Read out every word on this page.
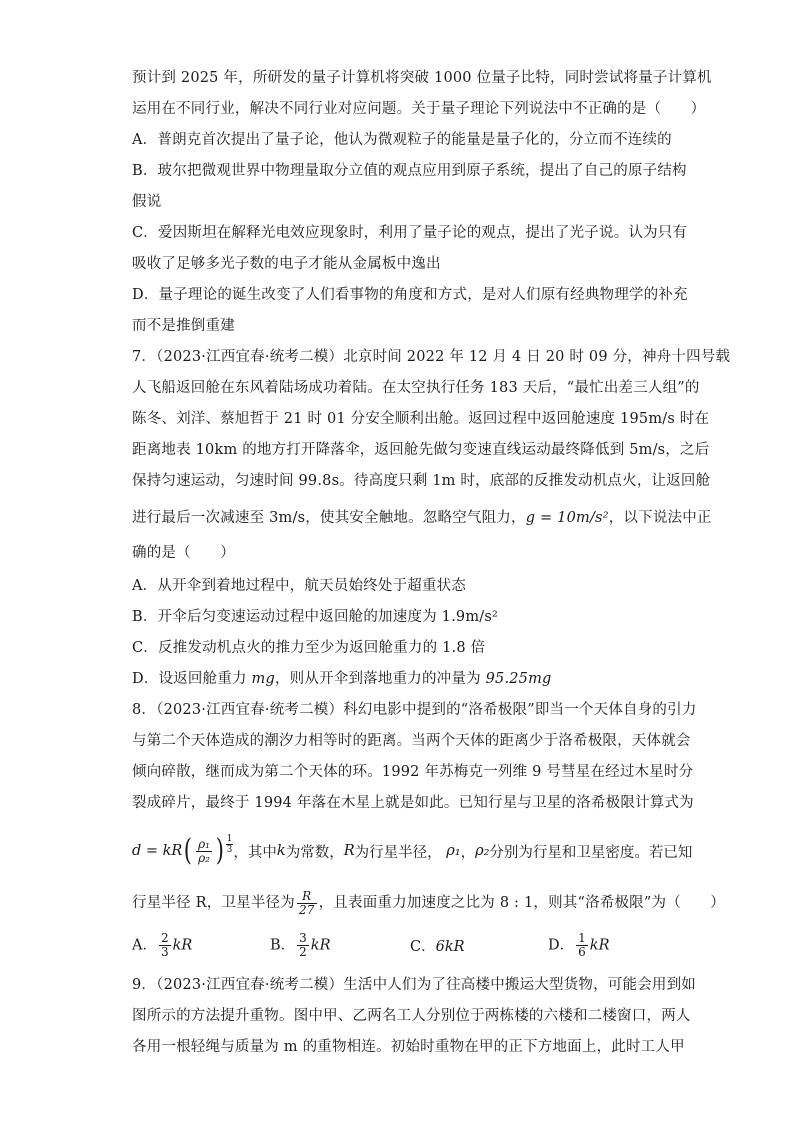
预计到 2025 年，所研发的量子计算机将突破 1000 位量子比特，同时尝试将量子计算机
运用在不同行业，解决不同行业对应问题。关于量子理论下列说法中不正确的是（　　）
A．普朗克首次提出了量子论，他认为微观粒子的能量是量子化的，分立而不连续的
B．玻尔把微观世界中物理量取分立值的观点应用到原子系统，提出了自己的原子结构
假说
C．爱因斯坦在解释光电效应现象时，利用了量子论的观点，提出了光子说。认为只有
吸收了足够多光子数的电子才能从金属板中逸出
D．量子理论的诞生改变了人们看事物的角度和方式，是对人们原有经典物理学的补充
而不是推倒重建
7．（2023·江西宜春·统考二模）北京时间 2022 年 12 月 4 日 20 时 09 分，神舟十四号载
人飞船返回舱在东风着陆场成功着陆。在太空执行任务 183 天后，“最忙出差三人组”的
陈冬、刘洋、蔡旭哲于 21 时 01 分安全顺利出舱。返回过程中返回舱速度 195m/s 时在
距离地表 10km 的地方打开降落伞，返回舱先做匀变速直线运动最终降低到 5m/s，之后
保持匀速运动，匀速时间 99.8s。待高度只剩 1m 时，底部的反推发动机点火，让返回舱
进行最后一次减速至 3m/s，使其安全触地。忽略空气阻力，g = 10m/s²，以下说法中正
确的是（　　）
A．从开伞到着地过程中，航天员始终处于超重状态
B．开伞后匀变速运动过程中返回舱的加速度为 1.9m/s²
C．反推发动机点火的推力至少为返回舱重力的 1.8 倍
D．设返回舱重力 mg，则从开伞到落地重力的冲量为 95.25mg
8．（2023·江西宜春·统考二模）科幻电影中提到的“洛希极限”即当一个天体自身的引力
与第二个天体造成的潮汐力相等时的距离。当两个天体的距离少于洛希极限，天体就会
倾向碎散，继而成为第二个天体的环。1992 年苏梅克一列维 9 号彗星在经过木星时分
裂成碎片，最终于 1994 年落在木星上就是如此。已知行星与卫星的洛希极限计算式为
d = kR ( $\frac{\text{ρ₁}}{\text{ρ₂}}$ ) $\frac{1}{3}$ ，其中 k 为常数， R 为行星半径，
ρ₁ ， ρ₂ 分别为行星和卫星密度。若已知
行星半径 R，卫星半径为 $\frac{R}{27}$ ，且表面重力加速度之比为 8 : 1，则其“洛希极限”为（　　）
A． $\frac{2}{3}$ kR	B． $\frac{3}{2}$ kR	C．6kR	D． $\frac{1}{6}$ kR
9．（2023·江西宜春·统考二模）生活中人们为了往高楼中搬运大型货物，可能会用到如
图所示的方法提升重物。图中甲、乙两名工人分别位于两栋楼的六楼和二楼窗口，两人
各用一根轻绳与质量为 m 的重物相连。初始时重物在甲的正下方地面上，此时工人甲
